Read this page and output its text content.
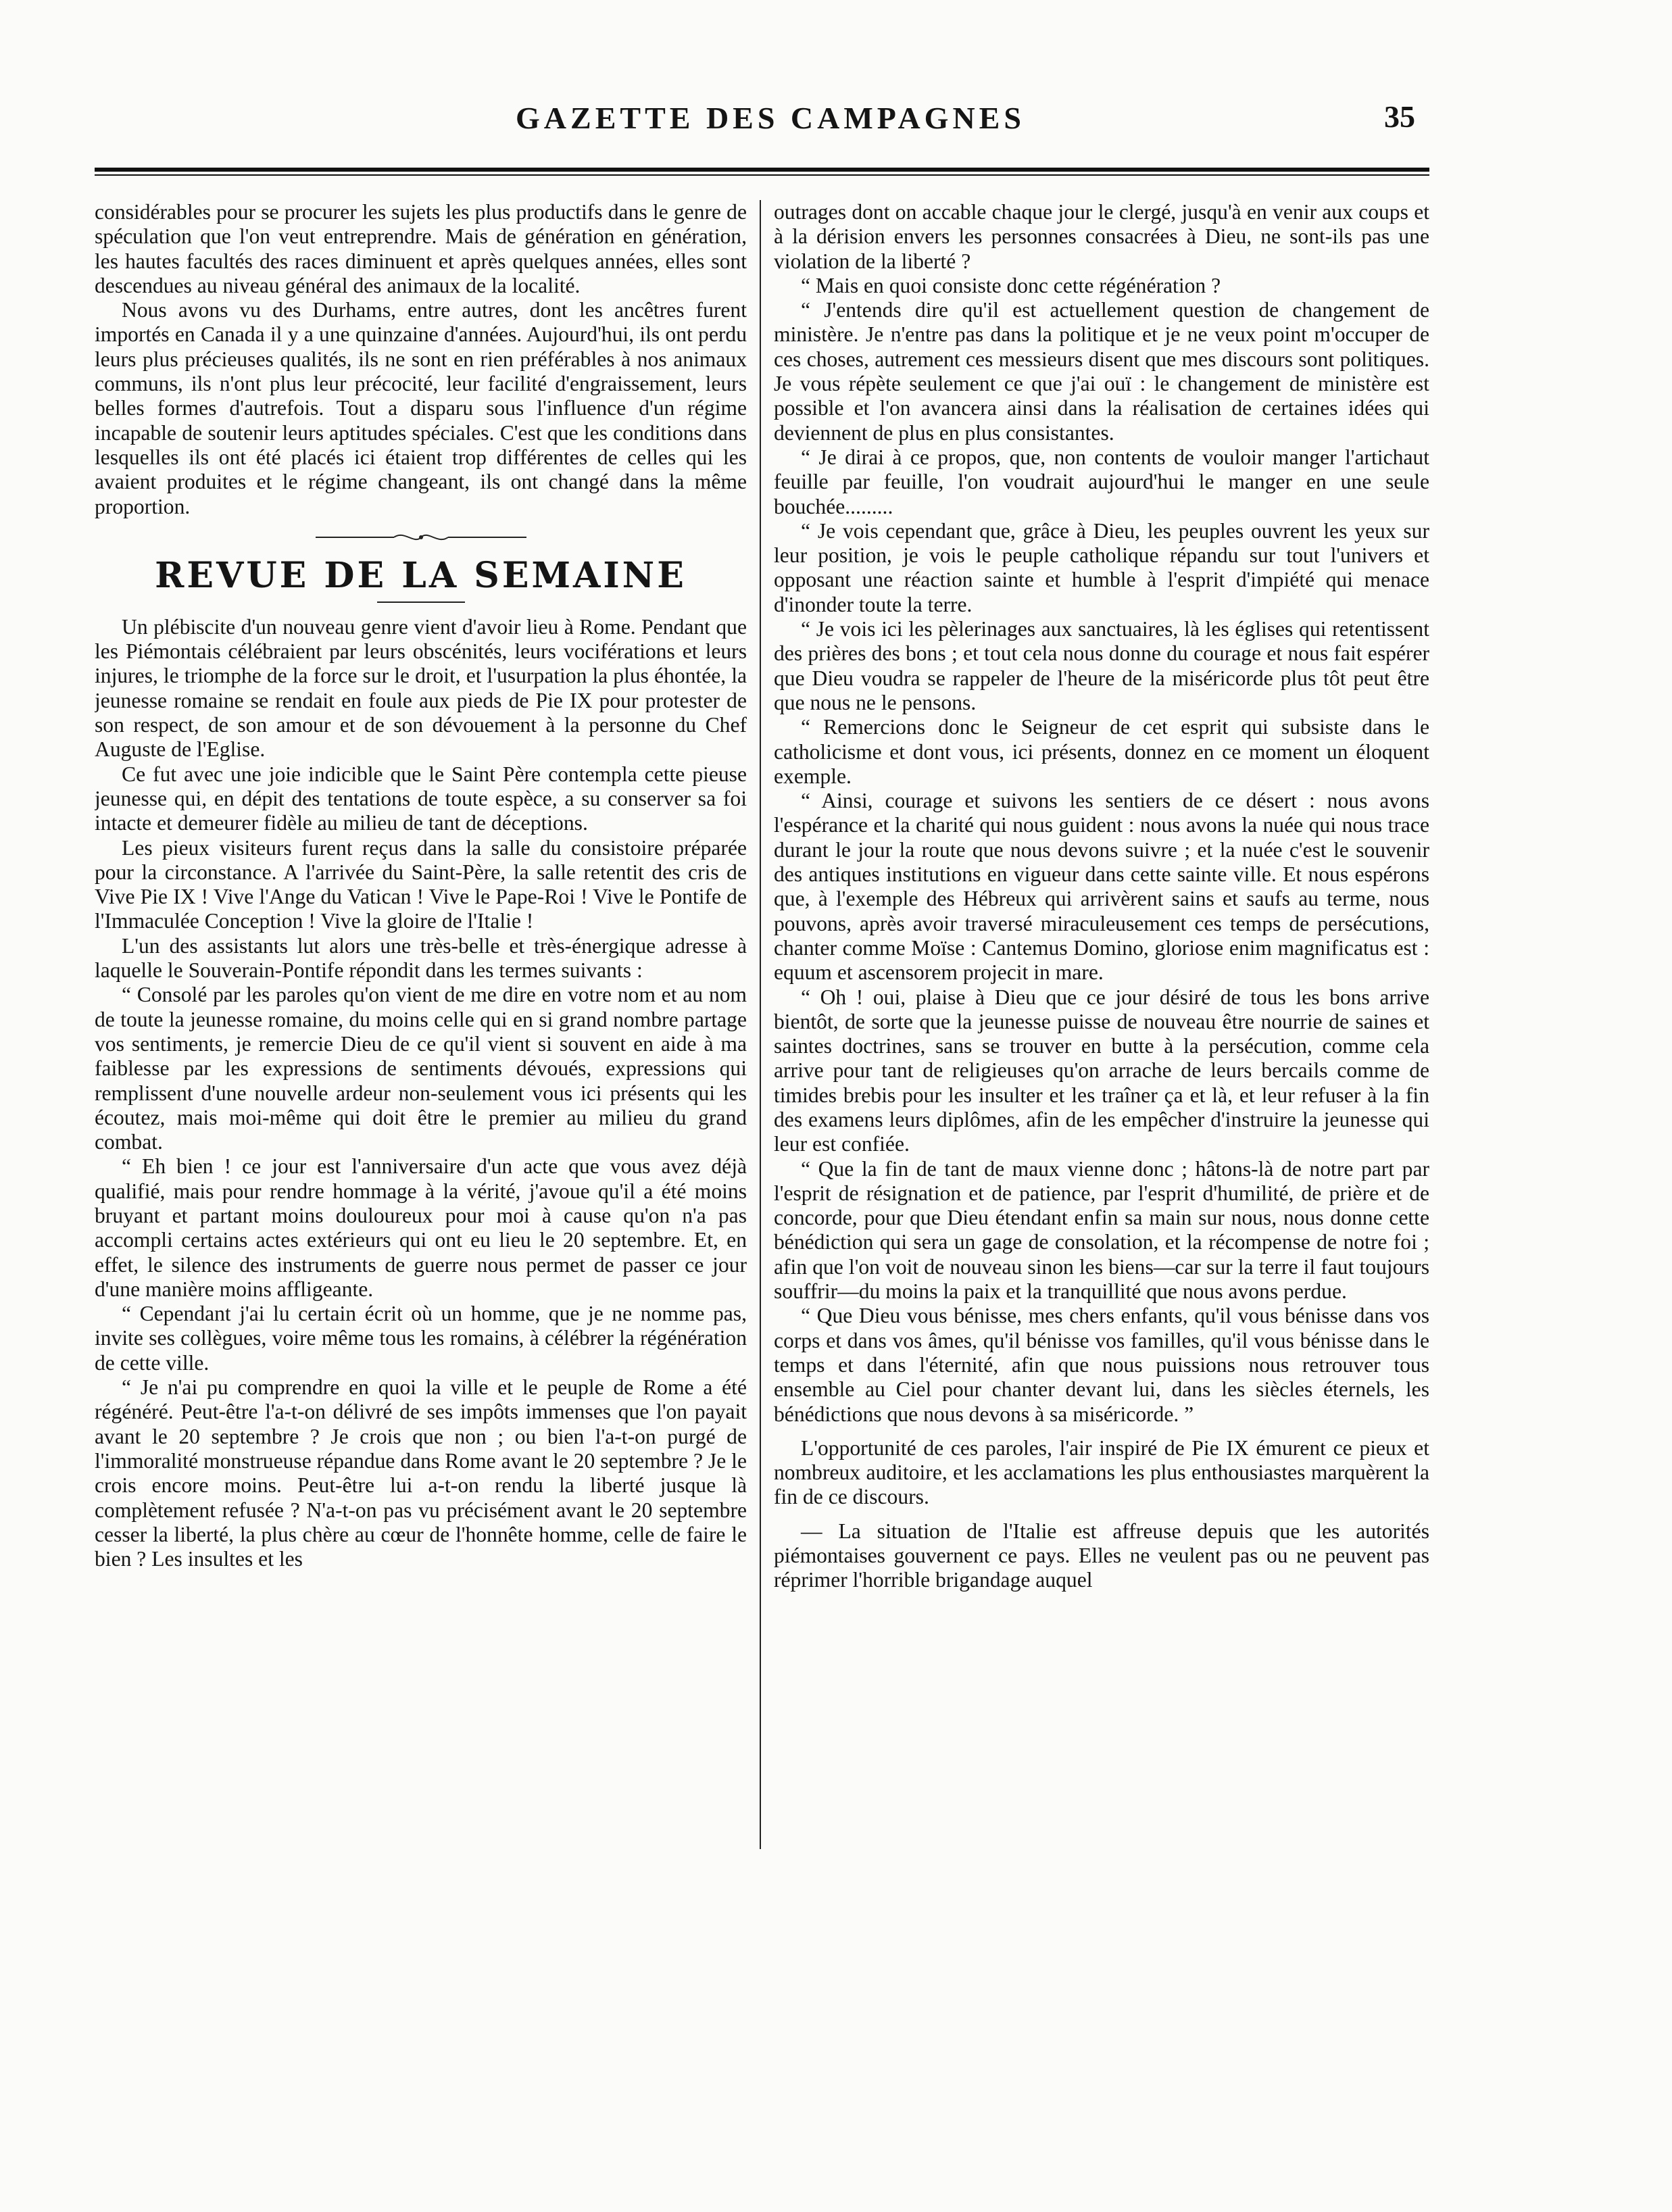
GAZETTE DES CAMPAGNES	35

considérables pour se procurer les sujets les plus productifs dans le genre de spéculation que l'on veut entreprendre. Mais de génération en génération, les hautes facultés des races diminuent et après quelques années, elles sont descendues au niveau général des animaux de la localité.

Nous avons vu des Durhams, entre autres, dont les ancêtres furent importés en Canada il y a une quinzaine d'années. Aujourd'hui, ils ont perdu leurs plus précieuses qualités, ils ne sont en rien préférables à nos animaux communs, ils n'ont plus leur précocité, leur facilité d'engraissement, leurs belles formes d'autrefois. Tout a disparu sous l'influence d'un régime incapable de soutenir leurs aptitudes spéciales. C'est que les conditions dans lesquelles ils ont été placés ici étaient trop différentes de celles qui les avaient produites et le régime changeant, ils ont changé dans la même proportion.

REVUE DE LA SEMAINE

Un plébiscite d'un nouveau genre vient d'avoir lieu à Rome. Pendant que les Piémontais célébraient par leurs obscénités, leurs vociférations et leurs injures, le triomphe de la force sur le droit, et l'usurpation la plus éhontée, la jeunesse romaine se rendait en foule aux pieds de Pie IX pour protester de son respect, de son amour et de son dévouement à la personne du Chef Auguste de l'Eglise.

Ce fut avec une joie indicible que le Saint Père contempla cette pieuse jeunesse qui, en dépit des tentations de toute espèce, a su conserver sa foi intacte et demeurer fidèle au milieu de tant de déceptions.

Les pieux visiteurs furent reçus dans la salle du consistoire préparée pour la circonstance. A l'arrivée du Saint-Père, la salle retentit des cris de Vive Pie IX ! Vive l'Ange du Vatican ! Vive le Pape-Roi ! Vive le Pontife de l'Immaculée Conception ! Vive la gloire de l'Italie !

L'un des assistants lut alors une très-belle et très-énergique adresse à laquelle le Souverain-Pontife répondit dans les termes suivants :

“ Consolé par les paroles qu'on vient de me dire en votre nom et au nom de toute la jeunesse romaine, du moins celle qui en si grand nombre partage vos sentiments, je remercie Dieu de ce qu'il vient si souvent en aide à ma faiblesse par les expressions de sentiments dévoués, expressions qui remplissent d'une nouvelle ardeur non-seulement vous ici présents qui les écoutez, mais moi-même qui doit être le premier au milieu du grand combat.

“ Eh bien ! ce jour est l'anniversaire d'un acte que vous avez déjà qualifié, mais pour rendre hommage à la vérité, j'avoue qu'il a été moins bruyant et partant moins douloureux pour moi à cause qu'on n'a pas accompli certains actes extérieurs qui ont eu lieu le 20 septembre. Et, en effet, le silence des instruments de guerre nous permet de passer ce jour d'une manière moins affligeante.

“ Cependant j'ai lu certain écrit où un homme, que je ne nomme pas, invite ses collègues, voire même tous les romains, à célébrer la régénération de cette ville.

“ Je n'ai pu comprendre en quoi la ville et le peuple de Rome a été régénéré. Peut-être l'a-t-on délivré de ses impôts immenses que l'on payait avant le 20 septembre ? Je crois que non ; ou bien l'a-t-on purgé de l'immoralité monstrueuse répandue dans Rome avant le 20 septembre ? Je le crois encore moins. Peut-être lui a-t-on rendu la liberté jusque là complètement refusée ? N'a-t-on pas vu précisément avant le 20 septembre cesser la liberté, la plus chère au cœur de l'honnête homme, celle de faire le bien ? Les insultes et les

outrages dont on accable chaque jour le clergé, jusqu'à en venir aux coups et à la dérision envers les personnes consacrées à Dieu, ne sont-ils pas une violation de la liberté ?

“ Mais en quoi consiste donc cette régénération ?

“ J'entends dire qu'il est actuellement question de changement de ministère. Je n'entre pas dans la politique et je ne veux point m'occuper de ces choses, autrement ces messieurs disent que mes discours sont politiques. Je vous répète seulement ce que j'ai ouï : le changement de ministère est possible et l'on avancera ainsi dans la réalisation de certaines idées qui deviennent de plus en plus consistantes.

“ Je dirai à ce propos, que, non contents de vouloir manger l'artichaut feuille par feuille, l'on voudrait aujourd'hui le manger en une seule bouchée.........

“ Je vois cependant que, grâce à Dieu, les peuples ouvrent les yeux sur leur position, je vois le peuple catholique répandu sur tout l'univers et opposant une réaction sainte et humble à l'esprit d'impiété qui menace d'inonder toute la terre.

“ Je vois ici les pèlerinages aux sanctuaires, là les églises qui retentissent des prières des bons ; et tout cela nous donne du courage et nous fait espérer que Dieu voudra se rappeler de l'heure de la miséricorde plus tôt peut être que nous ne le pensons.

“ Remercions donc le Seigneur de cet esprit qui subsiste dans le catholicisme et dont vous, ici présents, donnez en ce moment un éloquent exemple.

“ Ainsi, courage et suivons les sentiers de ce désert : nous avons l'espérance et la charité qui nous guident : nous avons la nuée qui nous trace durant le jour la route que nous devons suivre ; et la nuée c'est le souvenir des antiques institutions en vigueur dans cette sainte ville. Et nous espérons que, à l'exemple des Hébreux qui arrivèrent sains et saufs au terme, nous pouvons, après avoir traversé miraculeusement ces temps de persécutions, chanter comme Moïse : Cantemus Domino, gloriose enim magnificatus est : equum et ascensorem projecit in mare.

“ Oh ! oui, plaise à Dieu que ce jour désiré de tous les bons arrive bientôt, de sorte que la jeunesse puisse de nouveau être nourrie de saines et saintes doctrines, sans se trouver en butte à la persécution, comme cela arrive pour tant de religieuses qu'on arrache de leurs bercails comme de timides brebis pour les insulter et les traîner ça et là, et leur refuser à la fin des examens leurs diplômes, afin de les empêcher d'instruire la jeunesse qui leur est confiée.

“ Que la fin de tant de maux vienne donc ; hâtons-là de notre part par l'esprit de résignation et de patience, par l'esprit d'humilité, de prière et de concorde, pour que Dieu étendant enfin sa main sur nous, nous donne cette bénédiction qui sera un gage de consolation, et la récompense de notre foi ; afin que l'on voit de nouveau sinon les biens—car sur la terre il faut toujours souffrir—du moins la paix et la tranquillité que nous avons perdue.

“ Que Dieu vous bénisse, mes chers enfants, qu'il vous bénisse dans vos corps et dans vos âmes, qu'il bénisse vos familles, qu'il vous bénisse dans le temps et dans l'éternité, afin que nous puissions nous retrouver tous ensemble au Ciel pour chanter devant lui, dans les siècles éternels, les bénédictions que nous devons à sa miséricorde. ”

L'opportunité de ces paroles, l'air inspiré de Pie IX émurent ce pieux et nombreux auditoire, et les acclamations les plus enthousiastes marquèrent la fin de ce discours.

— La situation de l'Italie est affreuse depuis que les autorités piémontaises gouvernent ce pays. Elles ne veulent pas ou ne peuvent pas réprimer l'horrible brigandage auquel
